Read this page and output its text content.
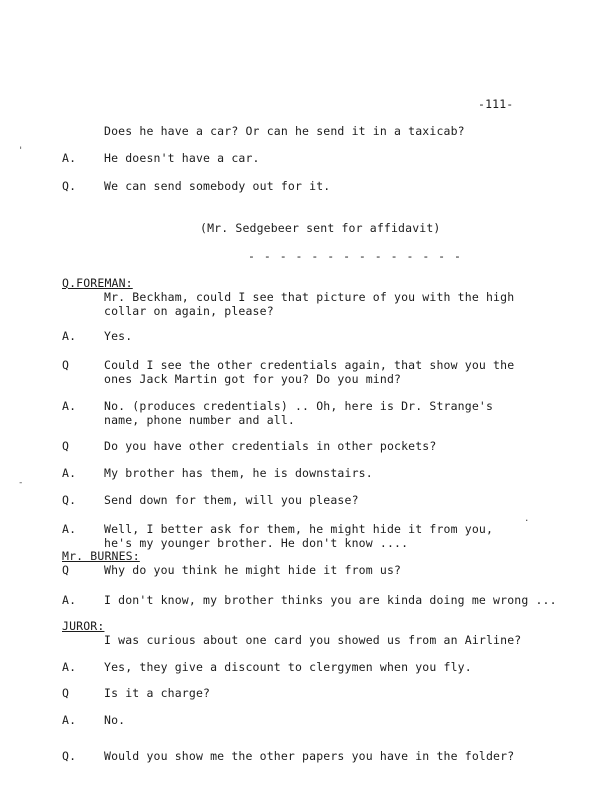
-111-
Does he have a car? Or can he send it in a taxicab?
A. He doesn't have a car.
Q. We can send somebody out for it.
(Mr. Sedgebeer sent for affidavit)
- - - - - - - - - - - - - -
Q.FOREMAN:
Mr. Beckham, could I see that picture of you with the high
collar on again, please?
A. Yes.
Q	Could I see the other credentials again, that show you the
ones Jack Martin got for you? Do you mind?
A. No. (produces credentials) .. Oh, here is Dr. Strange's
name, phone number and all.
Q	Do you have other credentials in other pockets?
A. My brother has them, he is downstairs.
Q. Send down for them, will you please?
A. Well, I better ask for them, he might hide it from you,
he's my younger brother. He don't know ....
Mr. BURNES:
Q	Why do you think he might hide it from us?
A. I don't know, my brother thinks you are kinda doing me wrong ...
JUROR:
I was curious about one card you showed us from an Airline?
A. Yes, they give a discount to clergymen when you fly.
Q	Is it a charge?
A. No.
Q. Would you show me the other papers you have in the folder?
'
-
.
